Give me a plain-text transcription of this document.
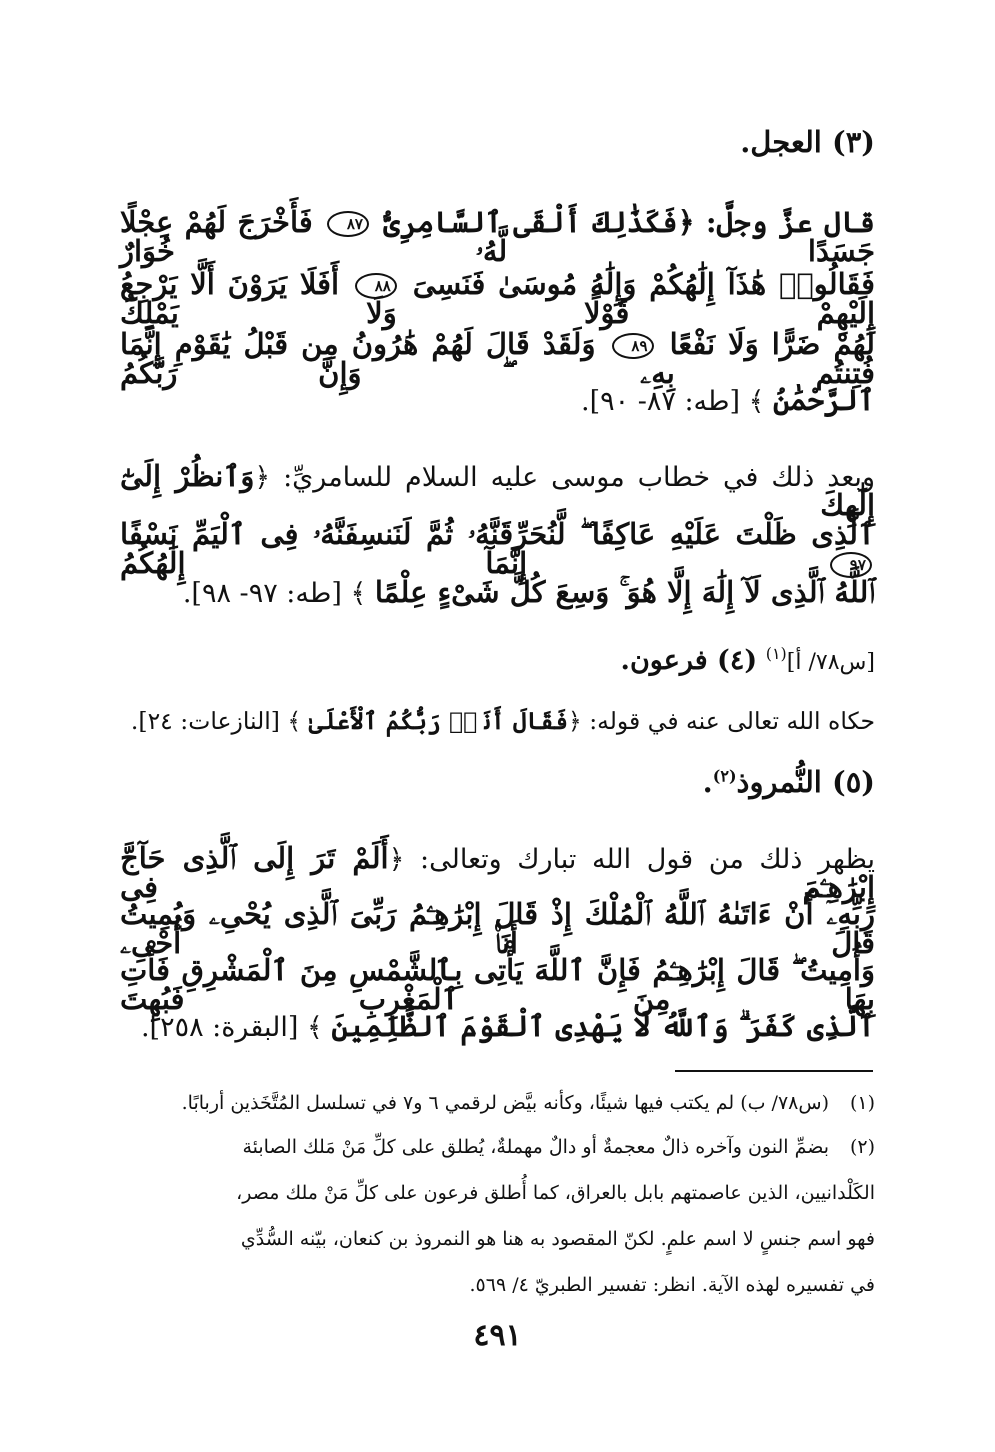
(٣) العجل.
قال عزَّ وجلَّ: ﴿فَكَذَٰلِكَ أَلْقَى ٱلسَّامِرِىُّ ٨٧ فَأَخْرَجَ لَهُمْ عِجْلًا جَسَدًا لَّهُۥ خُوَارٌ
فَقَالُوا۟ هَٰذَآ إِلَٰهُكُمْ وَإِلَٰهُ مُوسَىٰ فَنَسِىَ ٨٨ أَفَلَا يَرَوْنَ أَلَّا يَرْجِعُ إِلَيْهِمْ قَوْلًا وَلَا يَمْلِكُ
لَهُمْ ضَرًّا وَلَا نَفْعًا ٨٩ وَلَقَدْ قَالَ لَهُمْ هَٰرُونُ مِن قَبْلُ يَٰقَوْمِ إِنَّمَا فُتِنتُم بِهِۦ ۖ وَإِنَّ رَبَّكُمُ
ٱلرَّحْمَٰنُ ﴾ [طه: ٨٧- ٩٠].
وبعد ذلك في خطاب موسى عليه السلام للسامريِّ: ﴿وَٱنظُرْ إِلَىٰٓ إِلَٰهِكَ
ٱلَّذِى ظَلْتَ عَلَيْهِ عَاكِفًا ۖ لَّنُحَرِّقَنَّهُۥ ثُمَّ لَنَنسِفَنَّهُۥ فِى ٱلْيَمِّ نَسْفًا ٩٧ إِنَّمَآ إِلَٰهُكُمُ
ٱللَّهُ ٱلَّذِى لَآ إِلَٰهَ إِلَّا هُوَ ۚ وَسِعَ كُلَّ شَىْءٍ عِلْمًا ﴾ [طه: ٩٧- ٩٨].
[س٧٨/ أ]$^{(١)}$ (٤) فرعون.
حكاه الله تعالى عنه في قوله: ﴿فَقَالَ أَنَا۠ رَبُّكُمُ ٱلْأَعْلَىٰ ﴾ [النازعات: ٢٤].
(٥) النُّمروذ$^{(٢)}$.
يظهر ذلك من قول الله تبارك وتعالى: ﴿أَلَمْ تَرَ إِلَى ٱلَّذِى حَآجَّ إِبْرَٰهِـۧمَ فِى
رَبِّهِۦٓ أَنْ ءَاتَىٰهُ ٱللَّهُ ٱلْمُلْكَ إِذْ قَالَ إِبْرَٰهِـۧمُ رَبِّىَ ٱلَّذِى يُحْىِۦ وَيُمِيتُ قَالَ أَنَا۠ أُحْىِۦ
وَأُمِيتُ ۖ قَالَ إِبْرَٰهِـۧمُ فَإِنَّ ٱللَّهَ يَأْتِى بِٱلشَّمْسِ مِنَ ٱلْمَشْرِقِ فَأْتِ بِهَا مِنَ ٱلْمَغْرِبِ فَبُهِتَ
ٱلَّذِى كَفَرَ ۗ وَٱللَّهُ لَا يَهْدِى ٱلْقَوْمَ ٱلظَّٰلِمِينَ ﴾ [البقرة: ٢٥٨].
(١)(س٧٨/ ب) لم يكتب فيها شيئًا، وكأنه بيَّض لرقمي ٦ و٧ في تسلسل المُتَّخَذين أربابًا.
(٢)بضمِّ النون وآخره ذالٌ معجمةٌ أو دالٌ مهملةٌ، يُطلق على كلِّ مَنْ مَلك الصابئة
الكَلْدانيين، الذين عاصمتهم بابل بالعراق، كما أُطلق فرعون على كلِّ مَنْ ملك مصر،
فهو اسم جنسٍ لا اسم علمٍ. لكنّ المقصود به هنا هو النمروذ بن كنعان، بيّنه السُّدِّي
في تفسيره لهذه الآية. انظر: تفسير الطبريّ ٤/ ٥٦٩.
٤٩١
